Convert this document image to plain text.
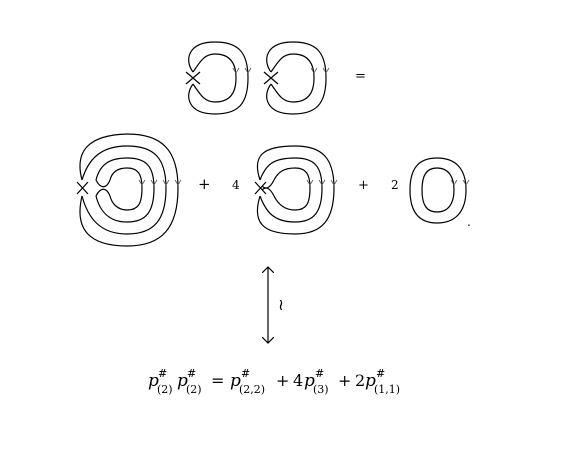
=
+ 4	+ 2
.
≀
p #
(2) p #
(2) = p #
(2,2) + 4 p #
(3) + 2 p #
(1,1)
